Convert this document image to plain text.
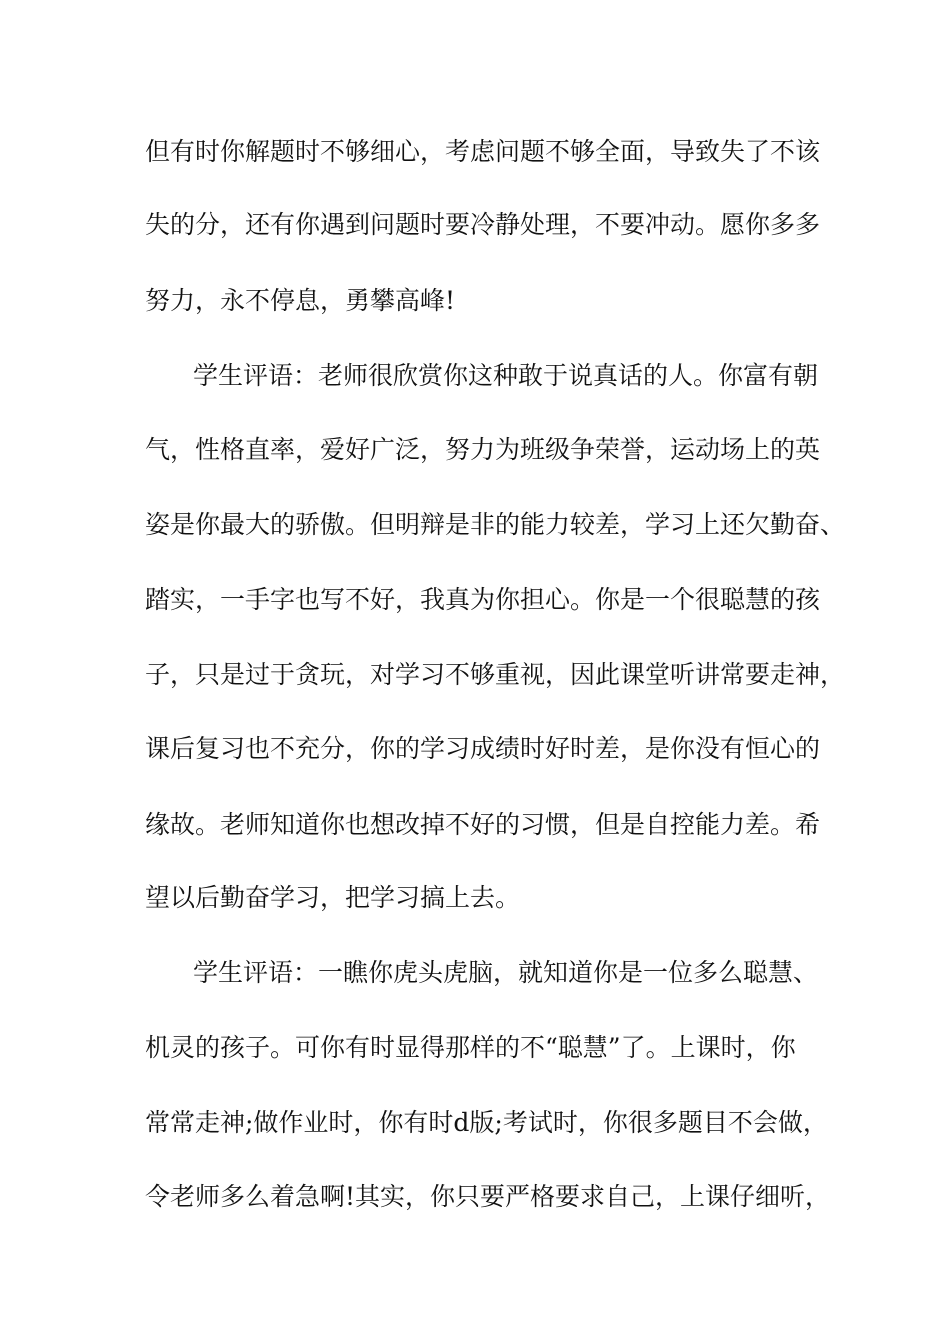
但有时你解题时不够细心，考虑问题不够全面，导致失了不该

失的分，还有你遇到问题时要冷静处理，不要冲动。愿你多多

努力，永不停息，勇攀高峰!

学生评语：老师很欣赏你这种敢于说真话的人。你富有朝

气，性格直率，爱好广泛，努力为班级争荣誉，运动场上的英

姿是你最大的骄傲。但明辩是非的能力较差，学习上还欠勤奋、

踏实，一手字也写不好，我真为你担心。你是一个很聪慧的孩

子，只是过于贪玩，对学习不够重视，因此课堂听讲常要走神，

课后复习也不充分，你的学习成绩时好时差，是你没有恒心的

缘故。老师知道你也想改掉不好的习惯，但是自控能力差。希

望以后勤奋学习，把学习搞上去。

学生评语：一瞧你虎头虎脑，就知道你是一位多么聪慧、

机灵的孩子。可你有时显得那样的不“聪慧”了。上课时，你

常常走神;做作业时，你有时d版;考试时，你很多题目不会做，

令老师多么着急啊!其实，你只要严格要求自己，上课仔细听，
